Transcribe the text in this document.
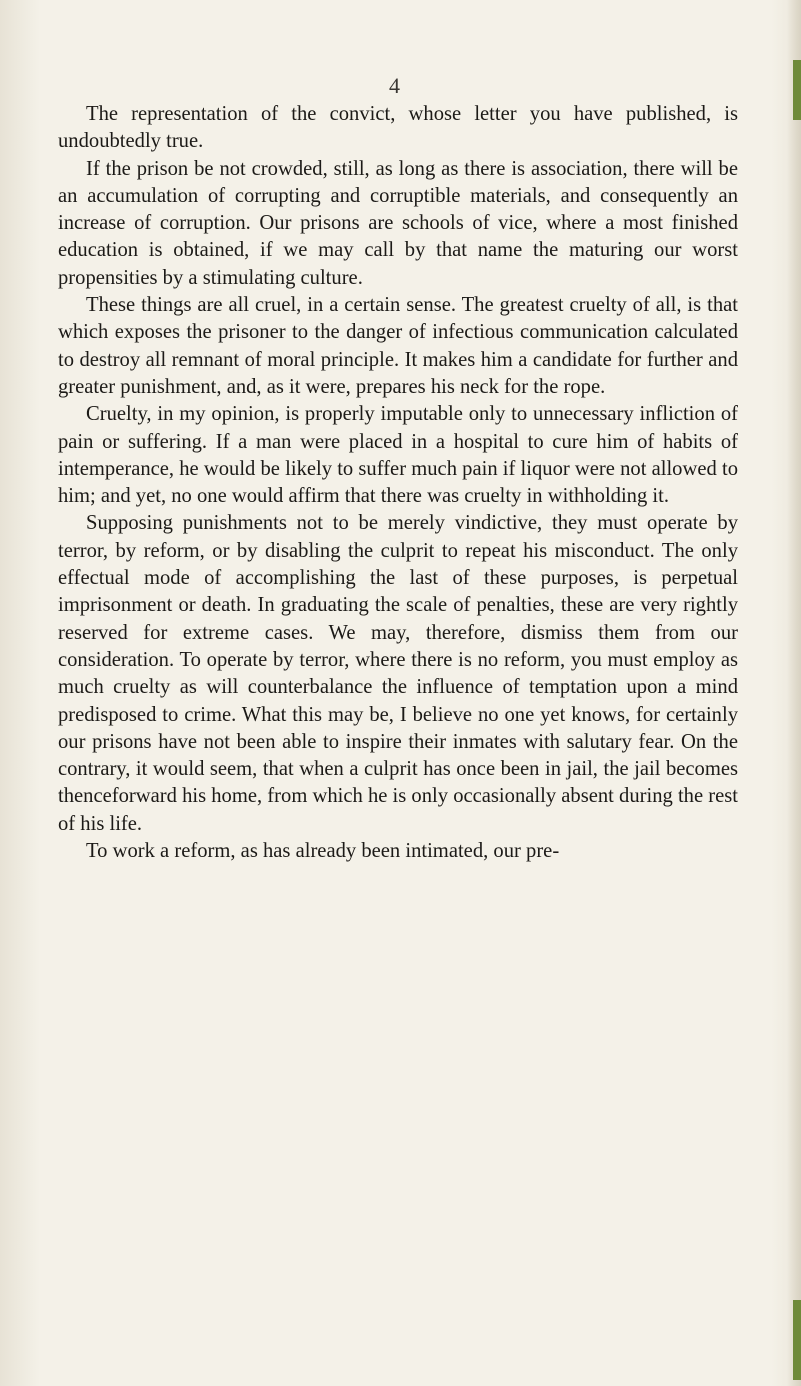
4

The representation of the convict, whose letter you have published, is undoubtedly true.

If the prison be not crowded, still, as long as there is association, there will be an accumulation of corrupting and corruptible materials, and consequently an increase of corruption. Our prisons are schools of vice, where a most finished education is obtained, if we may call by that name the maturing our worst propensities by a stimulating culture.

These things are all cruel, in a certain sense. The greatest cruelty of all, is that which exposes the prisoner to the danger of infectious communication calculated to destroy all remnant of moral principle. It makes him a candidate for further and greater punishment, and, as it were, prepares his neck for the rope.

Cruelty, in my opinion, is properly imputable only to unnecessary infliction of pain or suffering. If a man were placed in a hospital to cure him of habits of intemperance, he would be likely to suffer much pain if liquor were not allowed to him; and yet, no one would affirm that there was cruelty in withholding it.

Supposing punishments not to be merely vindictive, they must operate by terror, by reform, or by disabling the culprit to repeat his misconduct. The only effectual mode of accomplishing the last of these purposes, is perpetual imprisonment or death. In graduating the scale of penalties, these are very rightly reserved for extreme cases. We may, therefore, dismiss them from our consideration. To operate by terror, where there is no reform, you must employ as much cruelty as will counterbalance the influence of temptation upon a mind predisposed to crime. What this may be, I believe no one yet knows, for certainly our prisons have not been able to inspire their inmates with salutary fear. On the contrary, it would seem, that when a culprit has once been in jail, the jail becomes thenceforward his home, from which he is only occasionally absent during the rest of his life.

To work a reform, as has already been intimated, our pre-
